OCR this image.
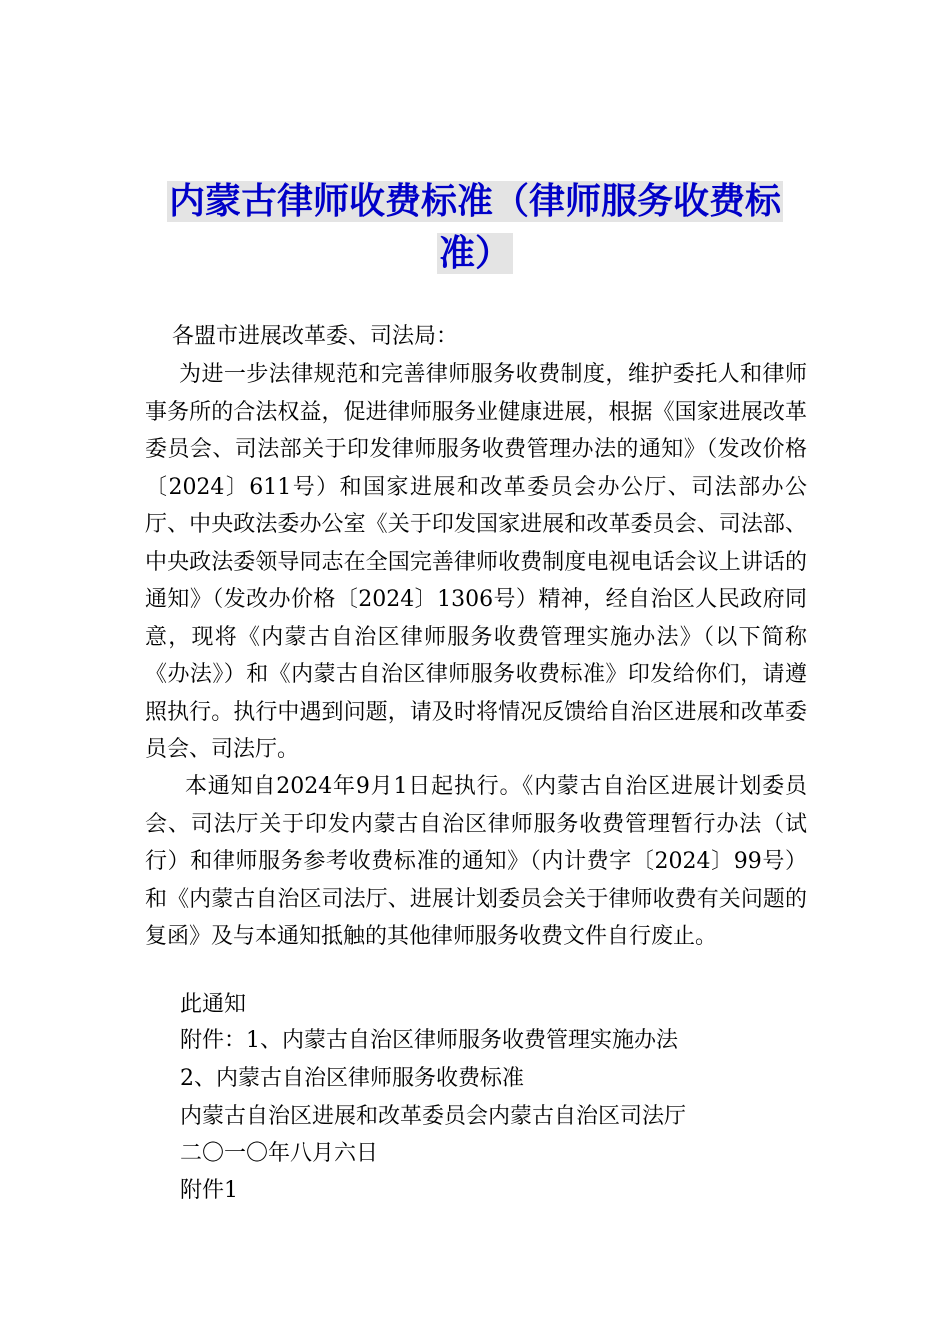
内蒙古律师收费标准（律师服务收费标
准）

各盟市进展改革委、司法局：

为进一步法律规范和完善律师服务收费制度，维护委托人和律师事务所的合法权益，促进律师服务业健康进展，根据《国家进展改革委员会、司法部关于印发律师服务收费管理办法的通知》（发改价格〔2024〕611号）和国家进展和改革委员会办公厅、司法部办公厅、中央政法委办公室《关于印发国家进展和改革委员会、司法部、中央政法委领导同志在全国完善律师收费制度电视电话会议上讲话的通知》（发改办价格〔2024〕1306号）精神，经自治区人民政府同意，现将《内蒙古自治区律师服务收费管理实施办法》（以下简称《办法》）和《内蒙古自治区律师服务收费标准》印发给你们，请遵照执行。执行中遇到问题，请及时将情况反馈给自治区进展和改革委员会、司法厅。

本通知自2024年9月1日起执行。《内蒙古自治区进展计划委员会、司法厅关于印发内蒙古自治区律师服务收费管理暂行办法（试行）和律师服务参考收费标准的通知》（内计费字〔2024〕99号）和《内蒙古自治区司法厅、进展计划委员会关于律师收费有关问题的复函》及与本通知抵触的其他律师服务收费文件自行废止。

此通知

附件：1、内蒙古自治区律师服务收费管理实施办法

2、内蒙古自治区律师服务收费标准

内蒙古自治区进展和改革委员会内蒙古自治区司法厅

二〇一〇年八月六日

附件1
